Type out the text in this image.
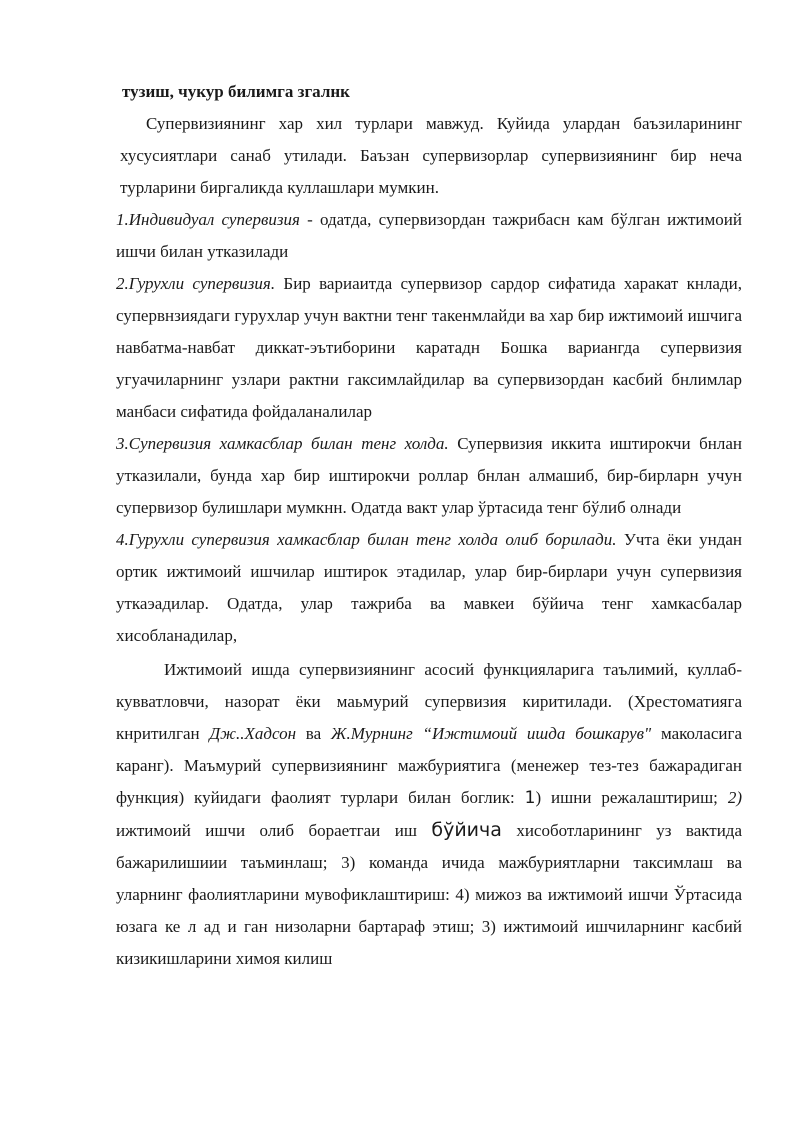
тузиш, чукур билимга згалнк

Супервизиянинг хар хил турлари мавжуд. Куйида улардан баъзиларининг хусусиятлари санаб утилади. Баъзан супервизорлар супервизиянинг бир неча турларини биргаликда куллашлари мумкин.

1.Индивидуал супервизия - одатда, супервизордан тажрибасн кам бўлган ижтимоий ишчи билан утказилади

2.Гурухли супервизия. Бир вариаитда супервизор сардор сифатида харакат кнлади, супервнзиядаги гурухлар учун вактни тенг такенмлайди ва хар бир ижтимоий ишчига навбатма-навбат диккат-эътиборини каратадн Бошка вариангда супервизия угуачиларнинг узлари рактни гаксимлайдилар ва супервизордан касбий бнлимлар манбаси сифатида фойдаланалилар

3.Супервизия хамкасблар билан тенг холда. Супервизия иккита иштирокчи бнлан утказилали, бунда хар бир иштирокчи роллар бнлан алмашиб, бир-бирларн учун супервизор булишлари мумкнн. Одатда вакт улар ўртасида тенг бўлиб олнади

4.Гурухли супервизия хамкасблар билан тенг холда олиб борилади. Учта ёки ундан ортик ижтимоий ишчилар иштирок этадилар, улар бир-бирлари учун супервизия уткаэадилар. Одатда, улар тажриба ва мавкеи бўйича тенг хамкасбалар хисобланадилар,

Ижтимоий ишда супервизиянинг асосий функцияларига таълимий, куллаб-кувватловчи, назорат ёки маьмурий супервизия киритилади. (Хрестоматияга кнритилган Дж..Хадсон ва Ж.Мурнинг “Ижтимоий ишда бошкарув" маколасига каранг). Маъмурий супервизиянинг мажбуриятига (менежер тез-тез бажарадиган функция) куйидаги фаолият турлари билан боглик: 1) ишни режалаштириш; 2) ижтимоий ишчи олиб бораетгаи иш бўйича хисоботларининг уз вактида бажарилишиии таъминлаш; 3) команда ичида мажбуриятларни таксимлаш ва уларнинг фаолиятларини мувофиклаштириш: 4) мижоз ва ижтимоий ишчи Ўртасида юзага ке л ад и ган низоларни бартараф этиш; 3) ижтимоий ишчиларнинг касбий кизикишларини химоя килиш
